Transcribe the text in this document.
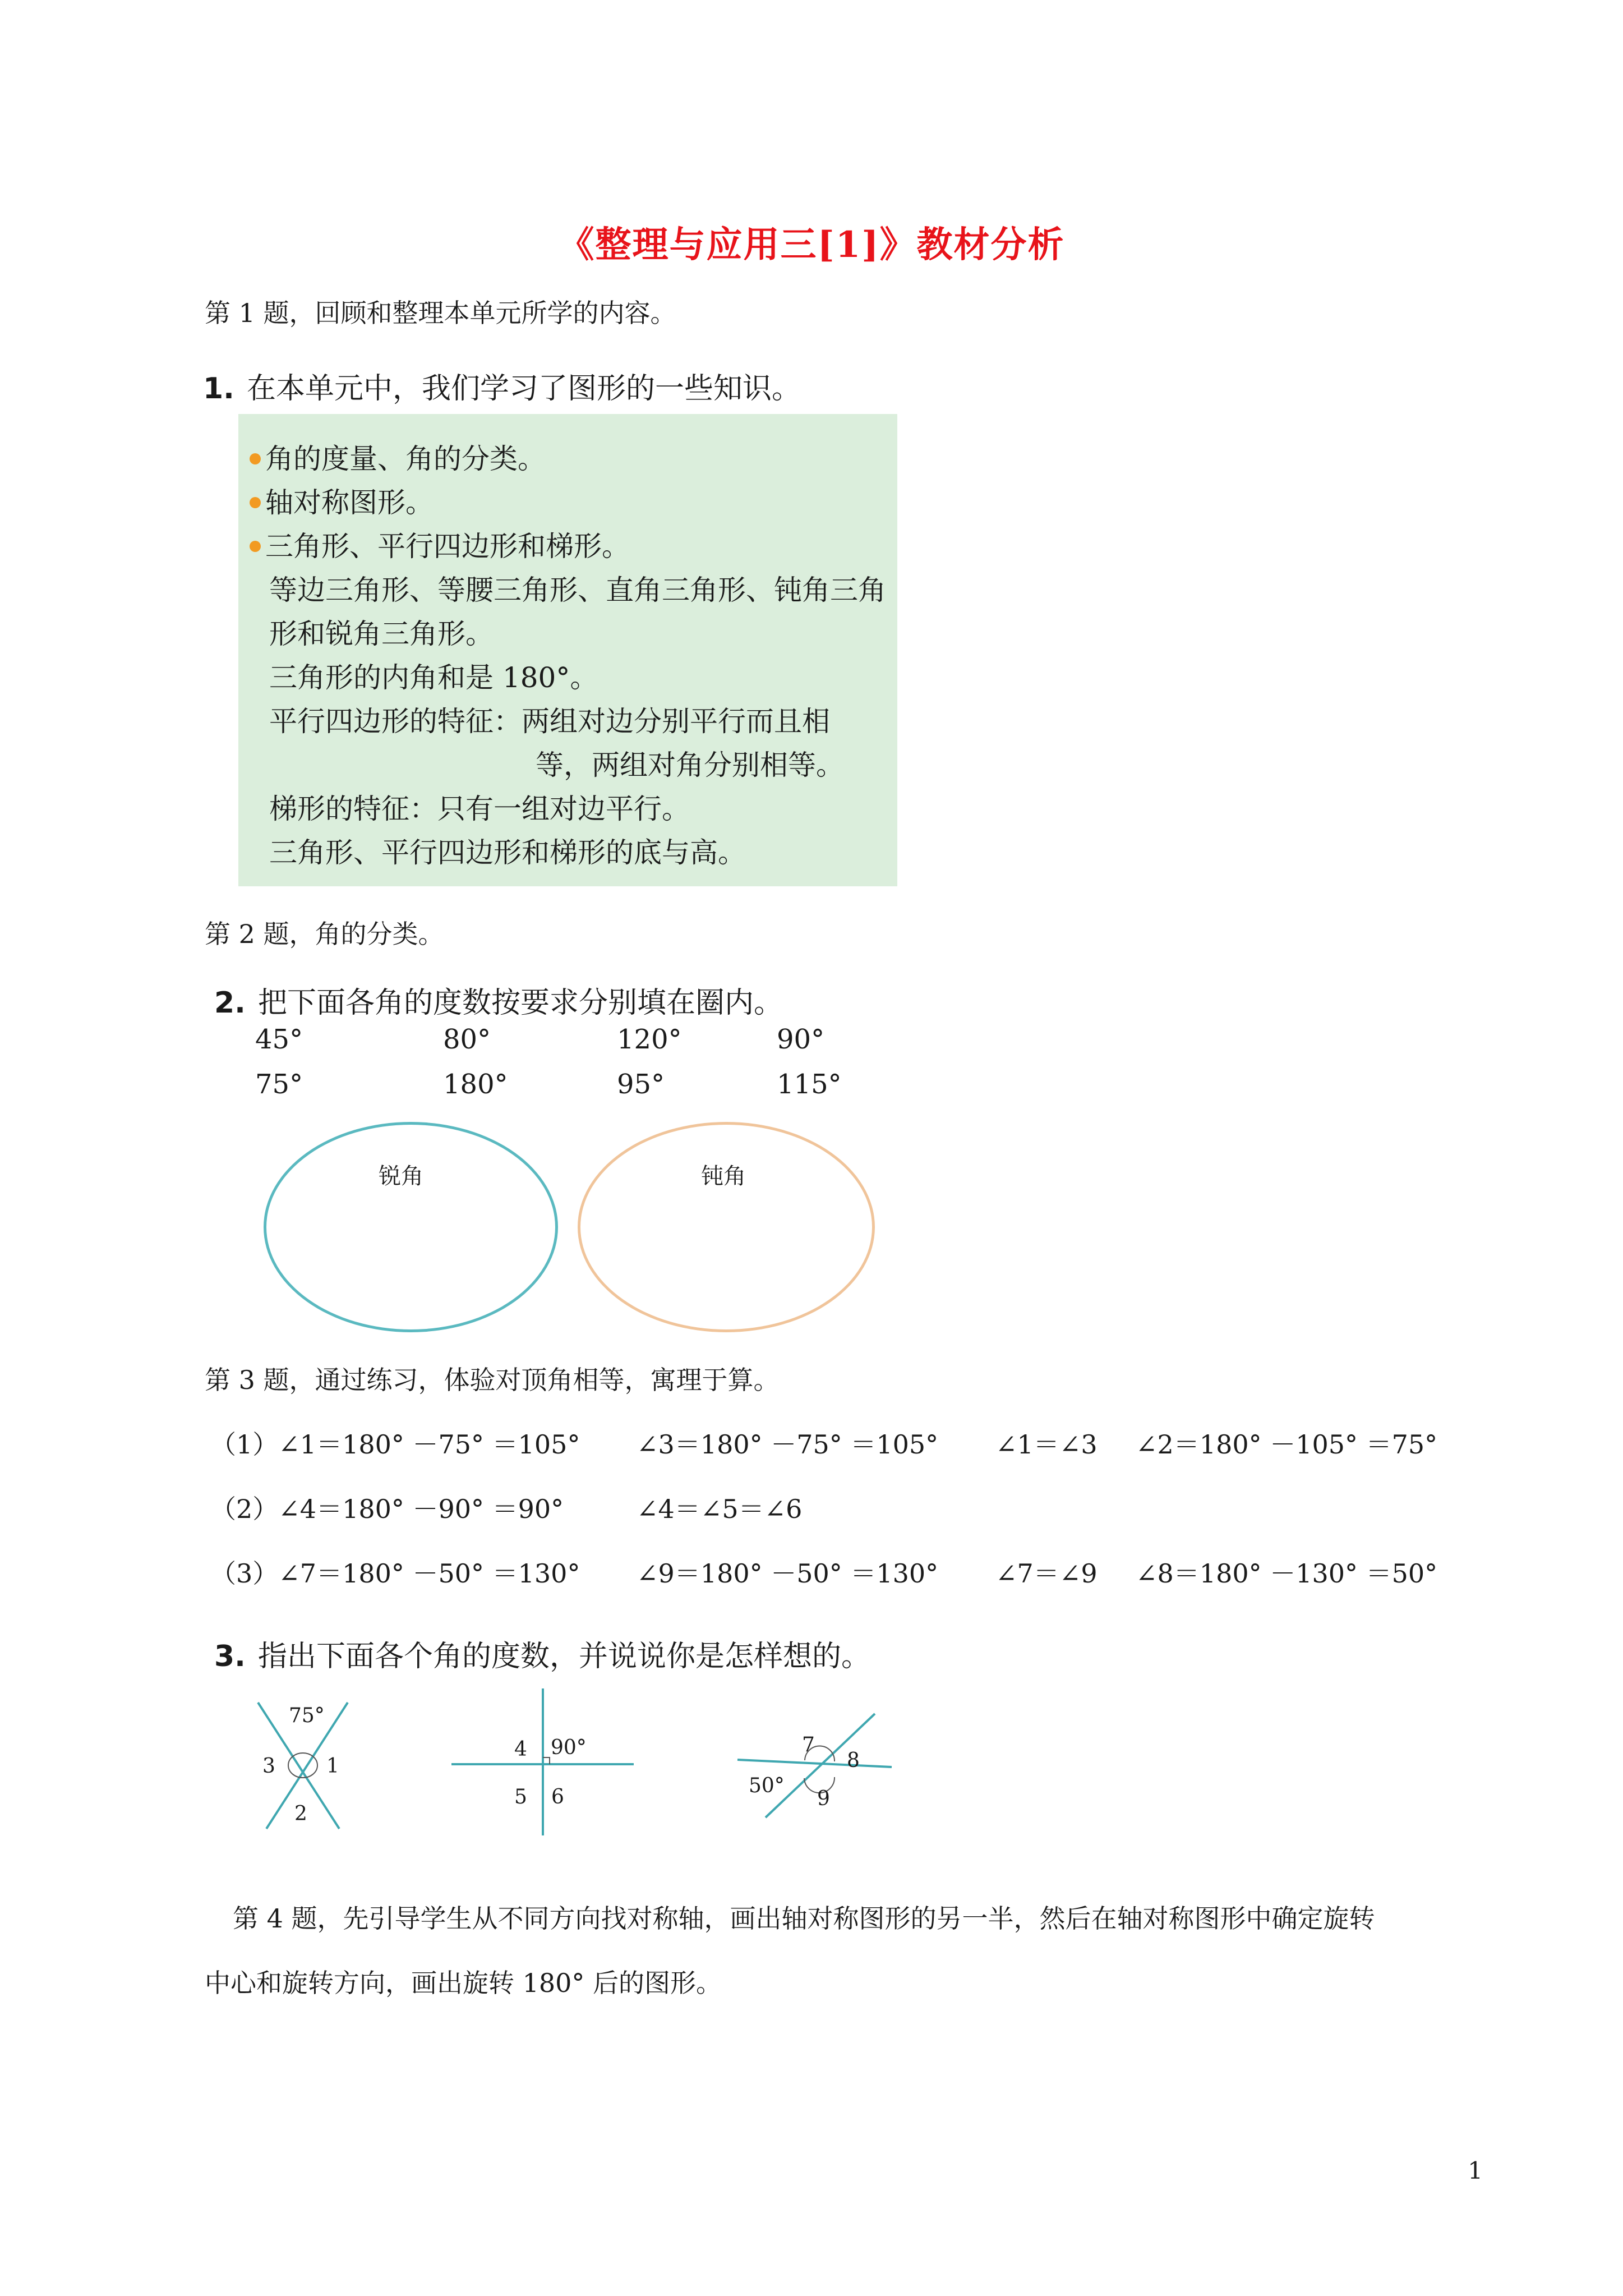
《整理与应用三[1]》教材分析
第 1 题，回顾和整理本单元所学的内容。
1. 在本单元中，我们学习了图形的一些知识。
角的度量、角的分类。
轴对称图形。
三角形、平行四边形和梯形。
等边三角形、等腰三角形、直角三角形、钝角三角
形和锐角三角形。
三角形的内角和是 180°。
平行四边形的特征：两组对边分别平行而且相
等，两组对角分别相等。
梯形的特征：只有一组对边平行。
三角形、平行四边形和梯形的底与高。
第 2 题，角的分类。
2. 把下面各角的度数按要求分别填在圈内。
45°	80°	120°	90°
75°	180°	95°	115°
锐角	钝角
第 3 题，通过练习，体验对顶角相等，寓理于算。
（1）∠1＝180° －75° ＝105° ∠3＝180° －75° ＝105° ∠1＝∠3 ∠2＝180° －105° ＝75°
（2）∠4＝180° －90° ＝90°	∠4＝∠5＝∠6
（3）∠7＝180° －50° ＝130° ∠9＝180° －50° ＝130° ∠7＝∠9 ∠8＝180° －130° ＝50°
3. 指出下面各个角的度数，并说说你是怎样想的。
75°
1
2
3
4 90°
5 6
7
8
9
50°
第 4 题，先引导学生从不同方向找对称轴，画出轴对称图形的另一半，然后在轴对称图形中确定旋转
中心和旋转方向，画出旋转 180° 后的图形。
1
